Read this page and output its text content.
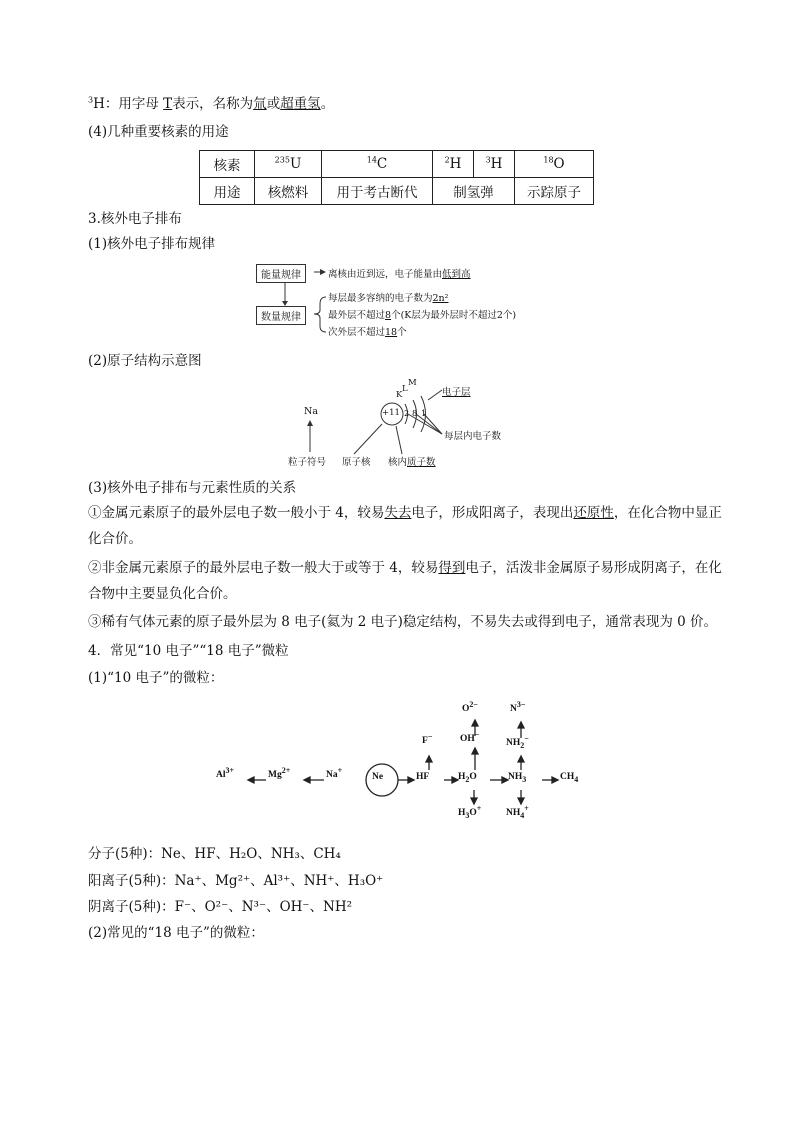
$^3$H：用字母 T表示，名称为氚或超重氢。
(4)几种重要核素的用途
核素	$^{235}$U	$^{14}$C	$^2$H	$^3$H	$^{18}$O
用途	核燃料	用于考古断代	制氢弹		示踪原子
3.核外电子排布
(1)核外电子排布规律
能量规律	离核由近到远，电子能量由低到高
数量规律
每层最多容纳的电子数为2n²
最外层不超过8个(K层为最外层时不超过2个)
次外层不超过18个
(2)原子结构示意图
Na	+11 2 8 1
K
L
M
电子层
每层内电子数
粒子符号 原子核 核内质子数
(3)核外电子排布与元素性质的关系
①金属元素原子的最外层电子数一般小于 4，较易失去电子，形成阳离子，表现出还原性，在化合物中显正化合价。
②非金属元素原子的最外层电子数一般大于或等于 4，较易得到电子，活泼非金属原子易形成阴离子，在化合物中主要显负化合价。
③稀有气体元素的原子最外层为 8 电子(氦为 2 电子)稳定结构，不易失去或得到电子，通常表现为 0 价。
4．常见“10 电子”“18 电子”微粒
(1)“10 电子”的微粒：
$Al^{3+}$	$Mg^{2+}$	Na+
Ne	HF
F−
$H_2O$
OH−
$O^{2-}$
$H_3O^+$
$NH_3$
$NH_2^-$
$N^{3-}$
$NH_4^+$
$CH_4$
分子(5种)：Ne、HF、H₂O、NH₃、CH₄
阳离子(5种)：Na⁺、Mg²⁺、Al³⁺、NH⁺、H₃O⁺
阴离子(5种)：F⁻、O²⁻、N³⁻、OH⁻、NH²
(2)常见的“18 电子”的微粒：
